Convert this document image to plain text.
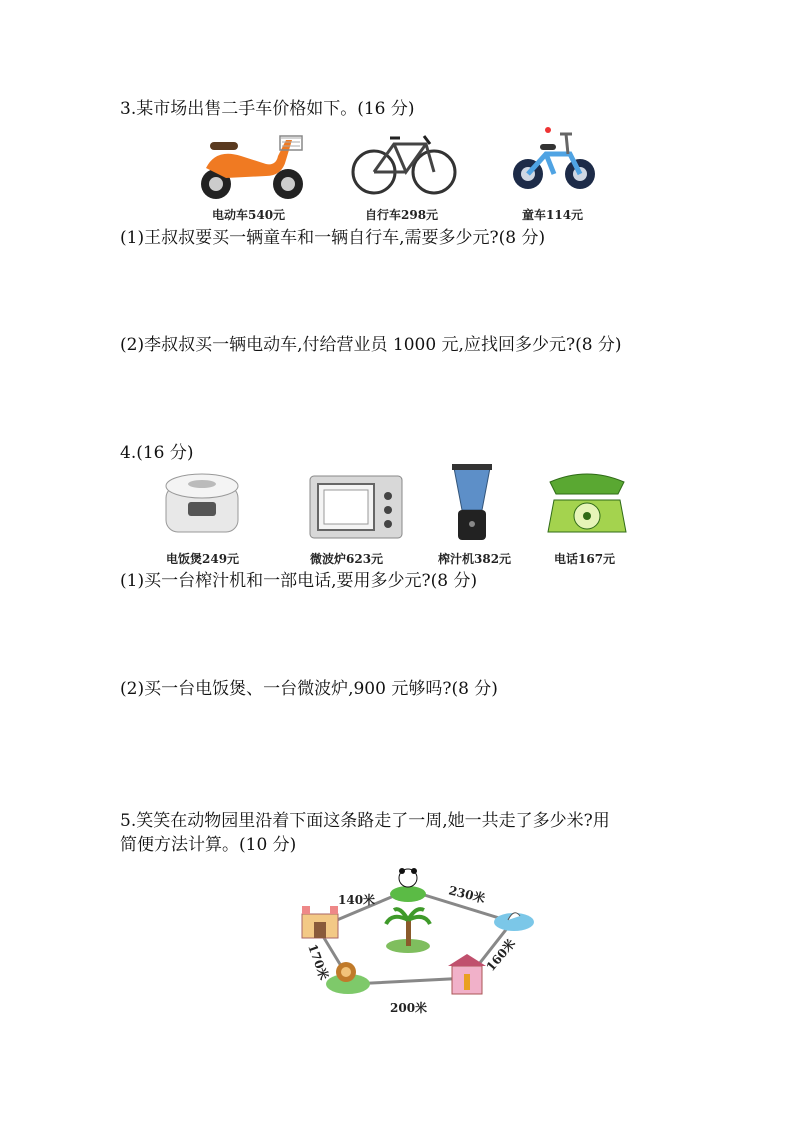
3.某市场出售二手车价格如下。(16 分)
电动车540元	自行车298元	童车114元
(1)王叔叔要买一辆童车和一辆自行车,需要多少元?(8 分)
(2)李叔叔买一辆电动车,付给营业员 1000 元,应找回多少元?(8 分)
4.(16 分)
电饭煲249元	微波炉623元	榨汁机382元	电话167元
(1)买一台榨汁机和一部电话,要用多少元?(8 分)
(2)买一台电饭煲、一台微波炉,900 元够吗?(8 分)
5.笑笑在动物园里沿着下面这条路走了一周,她一共走了多少米?用
简便方法计算。(10 分)
140米	230米
160米
200米
170米
